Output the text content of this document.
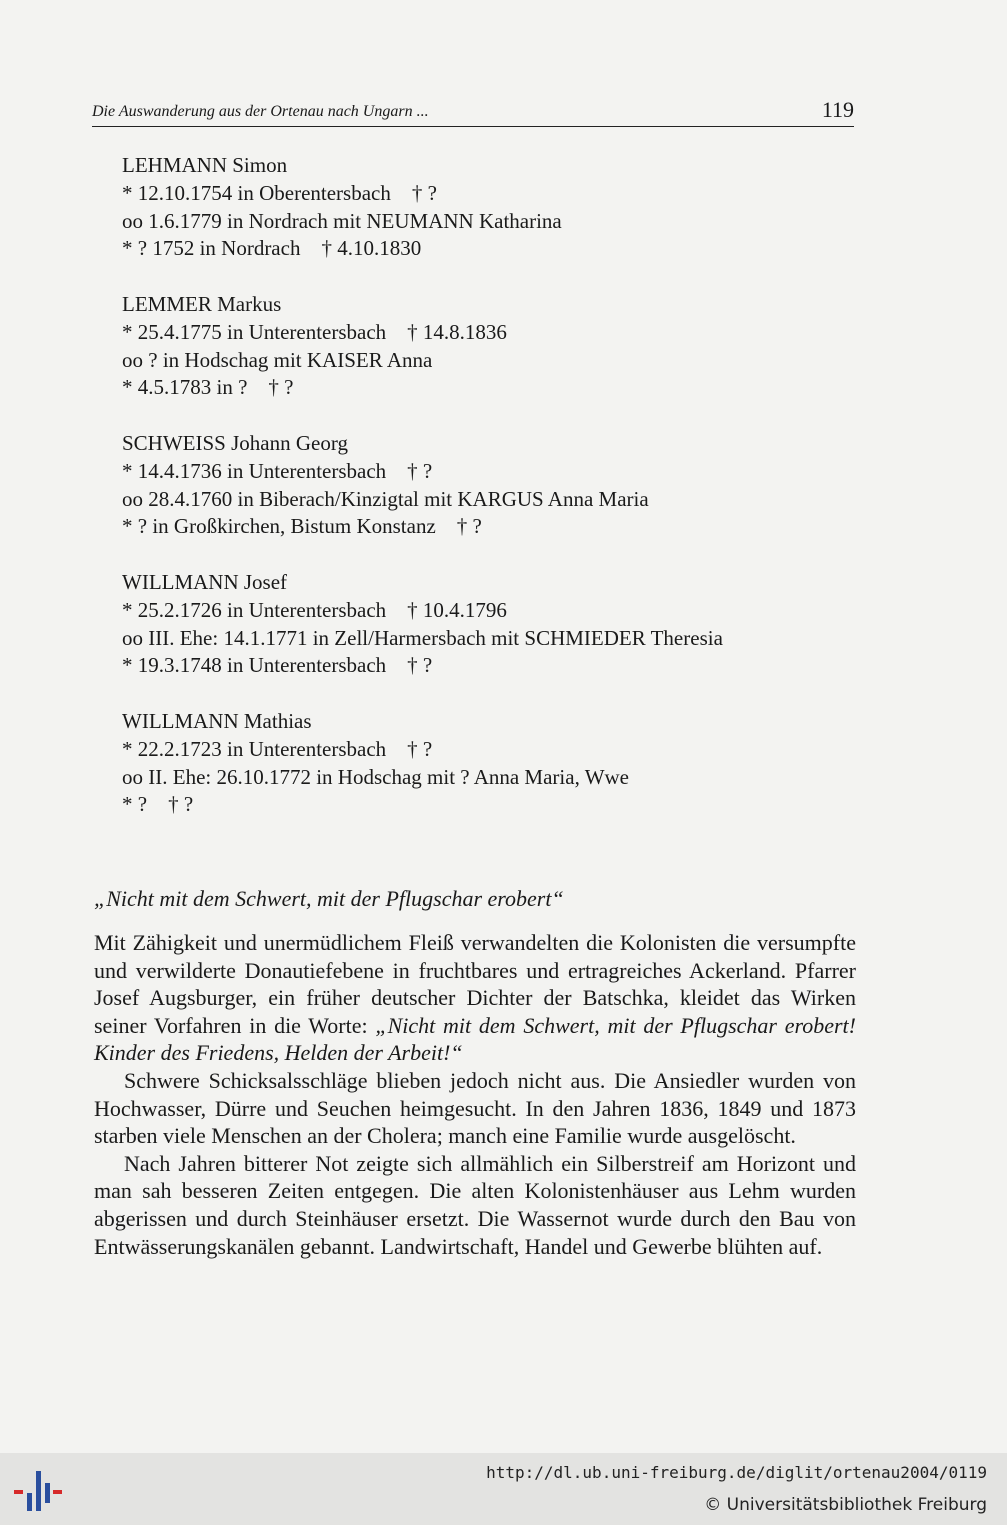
Die Auswanderung aus der Ortenau nach Ungarn ...	119
LEHMANN Simon
* 12.10.1754 in Oberentersbach    † ?
oo 1.6.1779 in Nordrach mit NEUMANN Katharina
* ? 1752 in Nordrach    † 4.10.1830
LEMMER Markus
* 25.4.1775 in Unterentersbach    † 14.8.1836
oo ? in Hodschag mit KAISER Anna
* 4.5.1783 in ?    † ?
SCHWEISS Johann Georg
* 14.4.1736 in Unterentersbach    † ?
oo 28.4.1760 in Biberach/Kinzigtal mit KARGUS Anna Maria
* ? in Großkirchen, Bistum Konstanz    † ?
WILLMANN Josef
* 25.2.1726 in Unterentersbach    † 10.4.1796
oo III. Ehe: 14.1.1771 in Zell/Harmersbach mit SCHMIEDER Theresia
* 19.3.1748 in Unterentersbach    † ?
WILLMANN Mathias
* 22.2.1723 in Unterentersbach    † ?
oo II. Ehe: 26.10.1772 in Hodschag mit ? Anna Maria, Wwe
* ?    † ?
„Nicht mit dem Schwert, mit der Pflugschar erobert“

Mit Zähigkeit und unermüdlichem Fleiß verwandelten die Kolonisten die versumpfte und verwilderte Donautiefebene in fruchtbares und ertragreiches Ackerland. Pfarrer Josef Augsburger, ein früher deutscher Dichter der Batschka, kleidet das Wirken seiner Vorfahren in die Worte: „Nicht mit dem Schwert, mit der Pflugschar erobert! Kinder des Friedens, Helden der Arbeit!“

Schwere Schicksalsschläge blieben jedoch nicht aus. Die Ansiedler wurden von Hochwasser, Dürre und Seuchen heimgesucht. In den Jahren 1836, 1849 und 1873 starben viele Menschen an der Cholera; manch eine Familie wurde ausgelöscht.

Nach Jahren bitterer Not zeigte sich allmählich ein Silberstreif am Horizont und man sah besseren Zeiten entgegen. Die alten Kolonistenhäuser aus Lehm wurden abgerissen und durch Steinhäuser ersetzt. Die Wassernot wurde durch den Bau von Entwässerungskanälen gebannt. Landwirtschaft, Handel und Gewerbe blühten auf.

http://dl.ub.uni-freiburg.de/diglit/ortenau2004/0119
© Universitätsbibliothek Freiburg
